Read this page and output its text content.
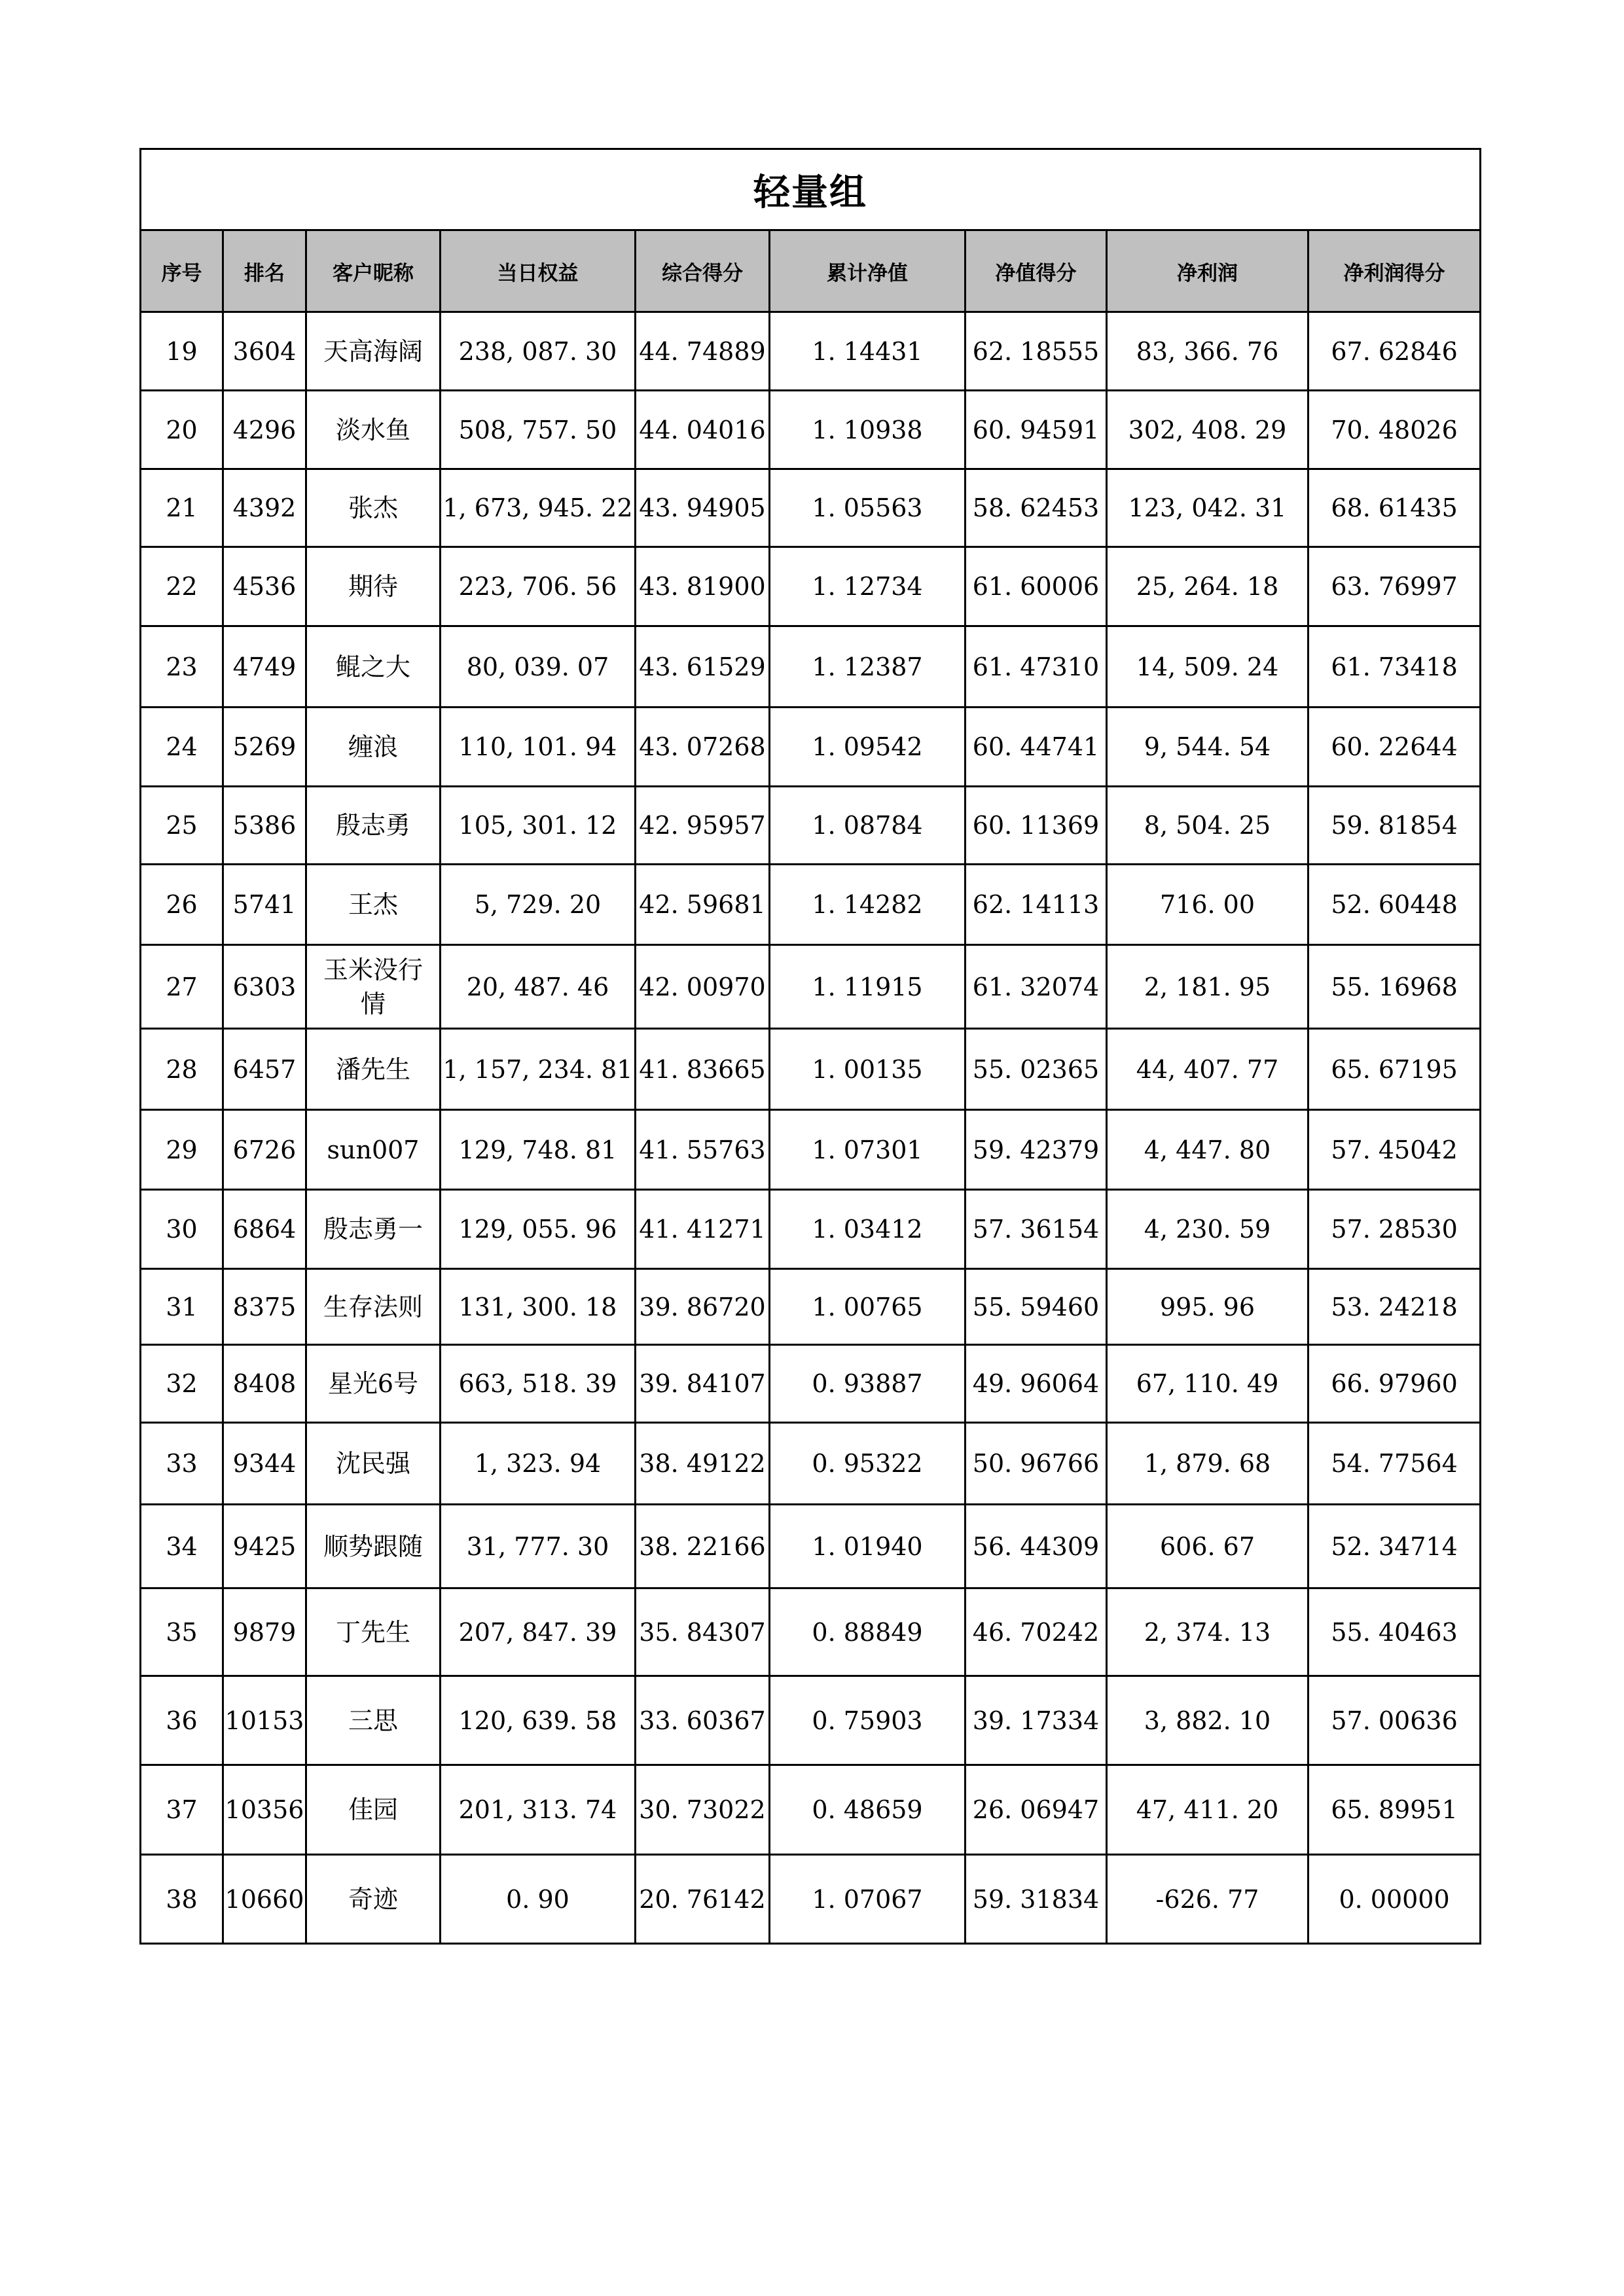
轻量组								
序号	排名	客户昵称	当日权益	综合得分	累计净值	净值得分	净利润	净利润得分
19	3604	天高海阔	238, 087. 30	44. 74889	1. 14431	62. 18555	83, 366. 76	67. 62846
20	4296	淡水鱼	508, 757. 50	44. 04016	1. 10938	60. 94591	302, 408. 29	70. 48026
21	4392	张杰	1, 673, 945. 22	43. 94905	1. 05563	58. 62453	123, 042. 31	68. 61435
22	4536	期待	223, 706. 56	43. 81900	1. 12734	61. 60006	25, 264. 18	63. 76997
23	4749	鲲之大	80, 039. 07	43. 61529	1. 12387	61. 47310	14, 509. 24	61. 73418
24	5269	缠浪	110, 101. 94	43. 07268	1. 09542	60. 44741	9, 544. 54	60. 22644
25	5386	殷志勇	105, 301. 12	42. 95957	1. 08784	60. 11369	8, 504. 25	59. 81854
26	5741	王杰	5, 729. 20	42. 59681	1. 14282	62. 14113	716. 00	52. 60448
27	6303	玉米没行情	20, 487. 46	42. 00970	1. 11915	61. 32074	2, 181. 95	55. 16968
28	6457	潘先生	1, 157, 234. 81	41. 83665	1. 00135	55. 02365	44, 407. 77	65. 67195
29	6726	sun007	129, 748. 81	41. 55763	1. 07301	59. 42379	4, 447. 80	57. 45042
30	6864	殷志勇一	129, 055. 96	41. 41271	1. 03412	57. 36154	4, 230. 59	57. 28530
31	8375	生存法则	131, 300. 18	39. 86720	1. 00765	55. 59460	995. 96	53. 24218
32	8408	星光6号	663, 518. 39	39. 84107	0. 93887	49. 96064	67, 110. 49	66. 97960
33	9344	沈民强	1, 323. 94	38. 49122	0. 95322	50. 96766	1, 879. 68	54. 77564
34	9425	顺势跟随	31, 777. 30	38. 22166	1. 01940	56. 44309	606. 67	52. 34714
35	9879	丁先生	207, 847. 39	35. 84307	0. 88849	46. 70242	2, 374. 13	55. 40463
36	10153	三思	120, 639. 58	33. 60367	0. 75903	39. 17334	3, 882. 10	57. 00636
37	10356	佳园	201, 313. 74	30. 73022	0. 48659	26. 06947	47, 411. 20	65. 89951
38	10660	奇迹	0. 90	20. 76142	1. 07067	59. 31834	-626. 77	0. 00000
